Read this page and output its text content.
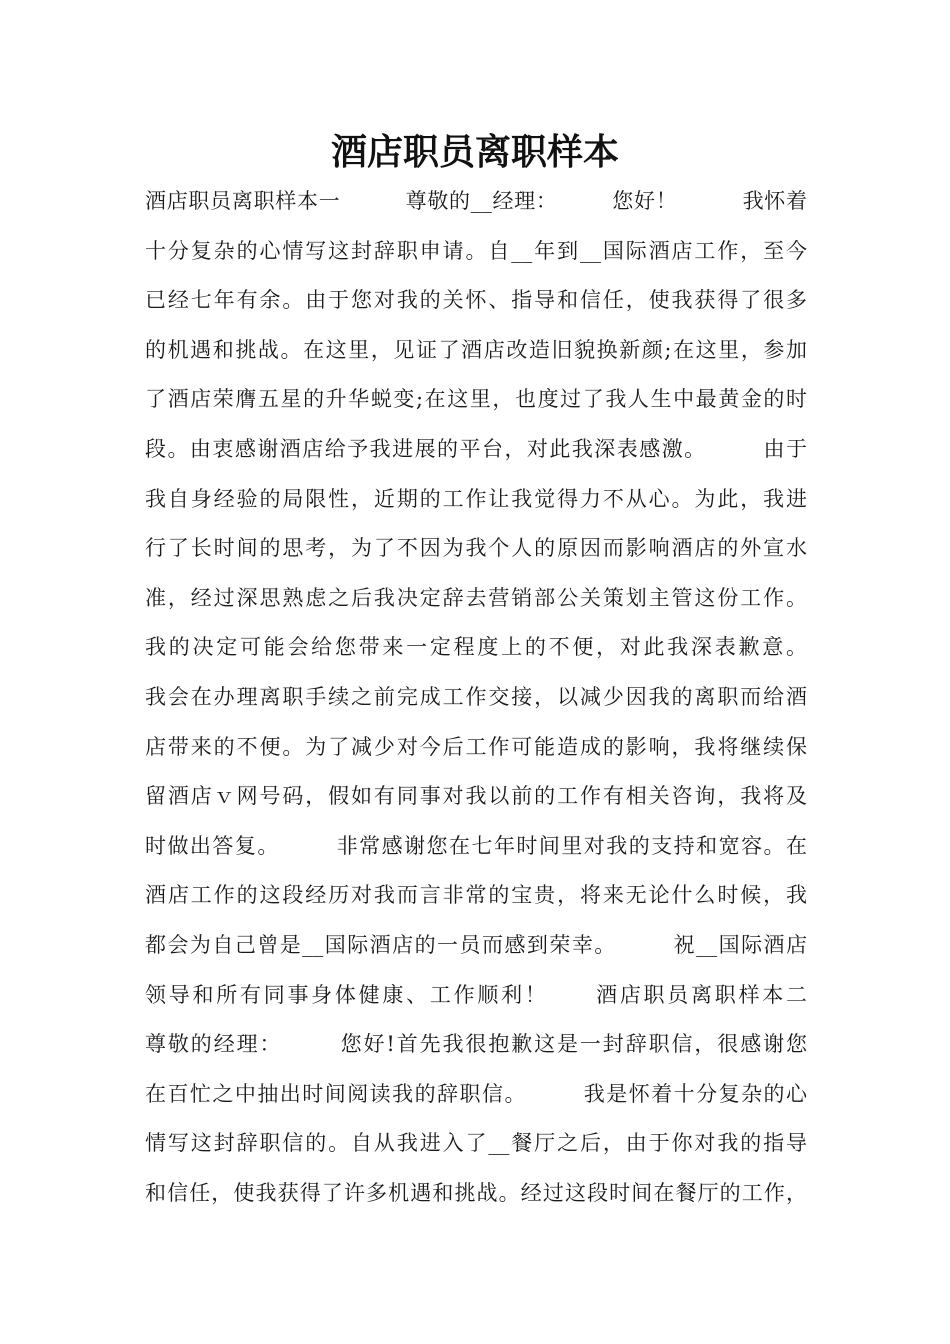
酒店职员离职样本
酒店职员离职样本一　　　尊敬的__经理：　　　您好！　　　我怀着
十分复杂的心情写这封辞职申请。自__年到__国际酒店工作，至今
已经七年有余。由于您对我的关怀、指导和信任，使我获得了很多
的机遇和挑战。在这里，见证了酒店改造旧貌换新颜;在这里，参加
了酒店荣膺五星的升华蜕变;在这里，也度过了我人生中最黄金的时
段。由衷感谢酒店给予我进展的平台，对此我深表感激。　　　由于
我自身经验的局限性，近期的工作让我觉得力不从心。为此，我进
行了长时间的思考，为了不因为我个人的原因而影响酒店的外宣水
准，经过深思熟虑之后我决定辞去营销部公关策划主管这份工作。
我的决定可能会给您带来一定程度上的不便，对此我深表歉意。
我会在办理离职手续之前完成工作交接，以减少因我的离职而给酒
店带来的不便。为了减少对今后工作可能造成的影响，我将继续保
留酒店ｖ网号码，假如有同事对我以前的工作有相关咨询，我将及
时做出答复。　　　非常感谢您在七年时间里对我的支持和宽容。在
酒店工作的这段经历对我而言非常的宝贵，将来无论什么时候，我
都会为自己曾是__国际酒店的一员而感到荣幸。　　　祝__国际酒店
领导和所有同事身体健康、工作顺利！　　酒店职员离职样本二
尊敬的经理：　　　您好!首先我很抱歉这是一封辞职信，很感谢您
在百忙之中抽出时间阅读我的辞职信。　　　我是怀着十分复杂的心
情写这封辞职信的。自从我进入了__餐厅之后，由于你对我的指导
和信任，使我获得了许多机遇和挑战。经过这段时间在餐厅的工作，
